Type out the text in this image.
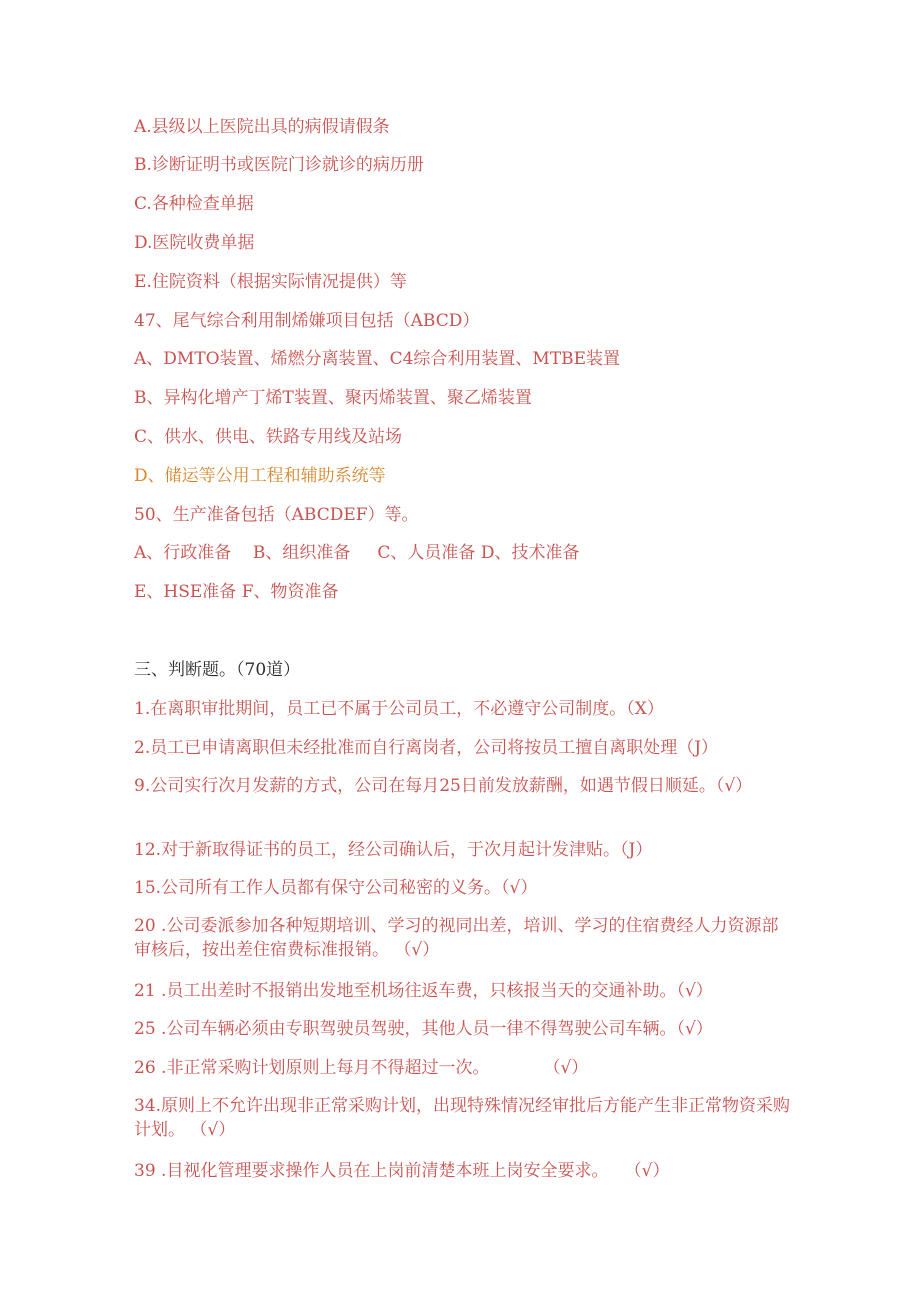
A.县级以上医院出具的病假请假条
B.诊断证明书或医院门诊就诊的病历册
C.各种检查单据
D.医院收费单据
E.住院资料（根据实际情况提供）等
47、尾气综合利用制烯嫌项目包括（ABCD）
A、DMTO装置、烯燃分离装置、C4综合利用装置、MTBE装置
B、异构化增产丁烯T装置、聚丙烯装置、聚乙烯装置
C、供水、供电、铁路专用线及站场
D、储运等公用工程和辅助系统等
50、生产准备包括（ABCDEF）等。
A、行政准备    B、组织准备     C、人员准备 D、技术准备
E、HSE准备 F、物资准备
三、判断题。（70道）
1.在离职审批期间，员工已不属于公司员工，不必遵守公司制度。（X）
2.员工已申请离职但未经批准而自行离岗者，公司将按员工擅自离职处理（J）
9.公司实行次月发薪的方式，公司在每月25日前发放薪酬，如遇节假日顺延。（√）
12.对于新取得证书的员工，经公司确认后，于次月起计发津贴。（J）
15.公司所有工作人员都有保守公司秘密的义务。（√）
20 .公司委派参加各种短期培训、学习的视同出差，培训、学习的住宿费经人力资源部审核后，按出差住宿费标准报销。 （√）
21 .员工出差时不报销出发地至机场往返车费，只核报当天的交通补助。（√）
25 .公司车辆必须由专职驾驶员驾驶，其他人员一律不得驾驶公司车辆。（√）
26 .非正常采购计划原则上每月不得超过一次。          （√）
34.原则上不允许出现非正常采购计划，出现特殊情况经审批后方能产生非正常物资采购计划。 （√）
39 .目视化管理要求操作人员在上岗前清楚本班上岗安全要求。   （√）
